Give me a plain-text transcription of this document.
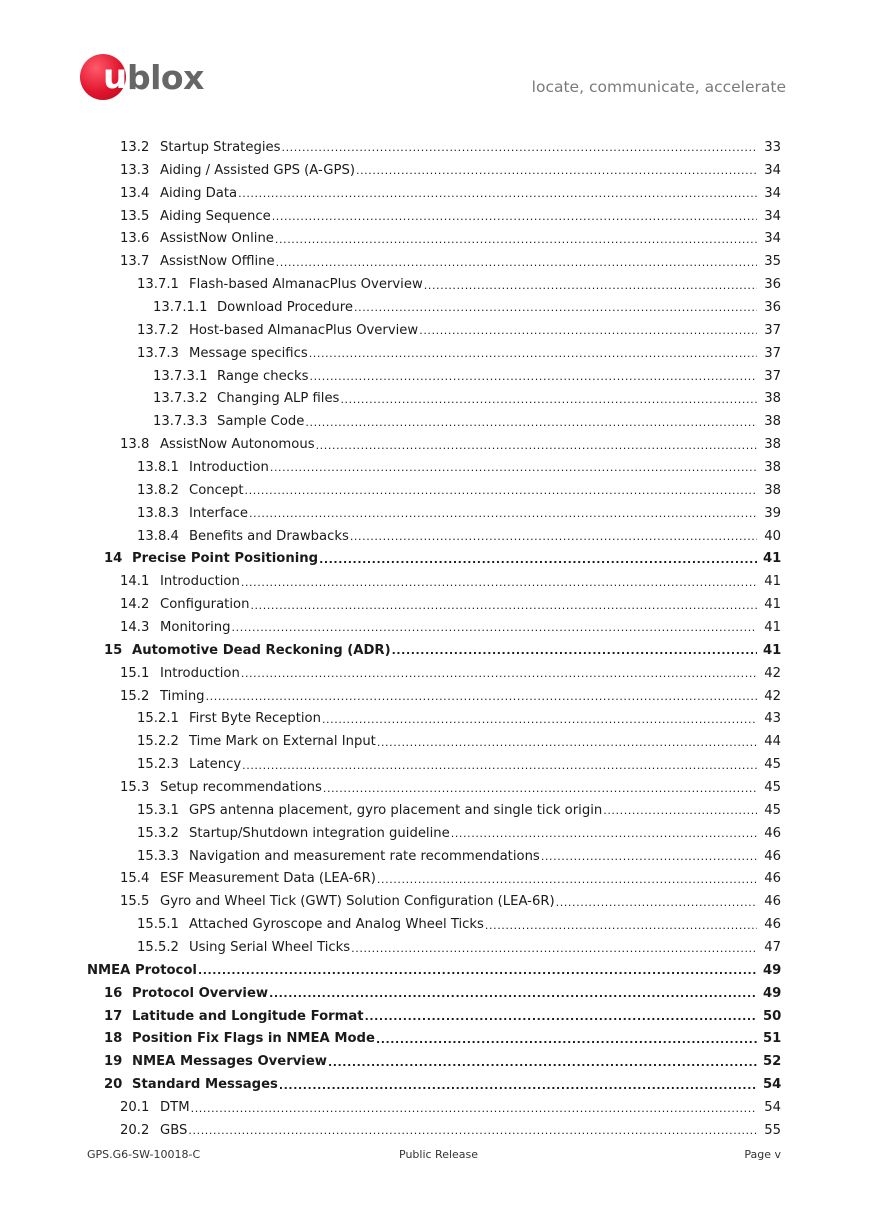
u blox	locate, communicate, accelerate
13.2 Startup Strategies .....	33
13.3 Aiding / Assisted GPS (A-GPS) .....	34
13.4 Aiding Data .....	34
13.5 Aiding Sequence .....	34
13.6 AssistNow Online .....	34
13.7 AssistNow Offline .....	35
13.7.1 Flash-based AlmanacPlus Overview .....	36
13.7.1.1 Download Procedure .....	36
13.7.2 Host-based AlmanacPlus Overview .....	37
13.7.3 Message specifics .....	37
13.7.3.1 Range checks .....	37
13.7.3.2 Changing ALP files .....	38
13.7.3.3 Sample Code .....	38
13.8 AssistNow Autonomous .....	38
13.8.1 Introduction .....	38
13.8.2 Concept .....	38
13.8.3 Interface .....	39
13.8.4 Benefits and Drawbacks .....	40
14 Precise Point Positioning .....	41
14.1 Introduction .....	41
14.2 Configuration .....	41
14.3 Monitoring .....	41
15 Automotive Dead Reckoning (ADR) .....	41
15.1 Introduction .....	42
15.2 Timing .....	42
15.2.1 First Byte Reception .....	43
15.2.2 Time Mark on External Input .....	44
15.2.3 Latency .....	45
15.3 Setup recommendations .....	45
15.3.1 GPS antenna placement, gyro placement and single tick origin .....	45
15.3.2 Startup/Shutdown integration guideline .....	46
15.3.3 Navigation and measurement rate recommendations .....	46
15.4 ESF Measurement Data (LEA-6R) .....	46
15.5 Gyro and Wheel Tick (GWT) Solution Configuration (LEA-6R) .....	46
15.5.1 Attached Gyroscope and Analog Wheel Ticks .....	46
15.5.2 Using Serial Wheel Ticks .....	47
NMEA Protocol .....	49
16 Protocol Overview .....	49
17 Latitude and Longitude Format .....	50
18 Position Fix Flags in NMEA Mode .....	51
19 NMEA Messages Overview .....	52
20 Standard Messages .....	54
20.1 DTM .....	54
20.2 GBS .....	55
GPS.G6-SW-10018-C	Public Release	Page v
